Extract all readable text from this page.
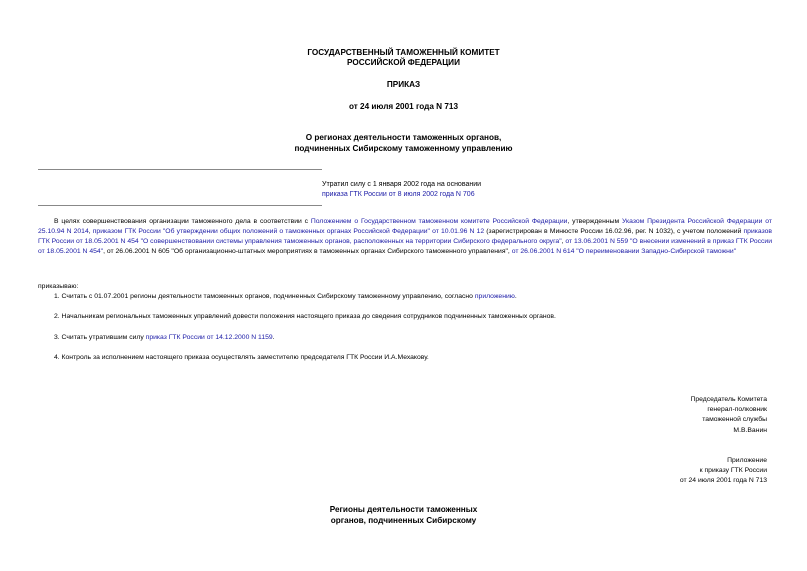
ГОСУДАРСТВЕННЫЙ ТАМОЖЕННЫЙ КОМИТЕТ
РОССИЙСКОЙ ФЕДЕРАЦИИ
ПРИКАЗ
от 24 июля 2001 года N 713
О регионах деятельности таможенных органов,
подчиненных Сибирскому таможенному управлению
Утратил силу с 1 января 2002 года на основании
приказа ГТК России от 8 июля 2002 года N 706
В целях совершенствования организации таможенного дела в соответствии с Положением о Государственном таможенном комитете Российской Федерации, утвержденным Указом Президента Российской Федерации от 25.10.94 N 2014, приказом ГТК России "Об утверждении общих положений о таможенных органах Российской Федерации" от 10.01.96 N 12 (зарегистрирован в Минюсте России 16.02.96, рег. N 1032), с учетом положений приказов ГТК России от 18.05.2001 N 454 "О совершенствовании системы управления таможенных органов, расположенных на территории Сибирского федерального округа", от 13.06.2001 N 559 "О внесении изменений в приказ ГТК России от 18.05.2001 N 454", от 26.06.2001 N 605 "Об организационно-штатных мероприятиях в таможенных органах Сибирского таможенного управления", от 26.06.2001 N 614 "О переименовании Западно-Сибирской таможни"
приказываю:
1. Считать с 01.07.2001 регионы деятельности таможенных органов, подчиненных Сибирскому таможенному управлению, согласно приложению.
2. Начальникам региональных таможенных управлений довести положения настоящего приказа до сведения сотрудников подчиненных таможенных органов.
3. Считать утратившим силу приказ ГТК России от 14.12.2000 N 1159.
4. Контроль за исполнением настоящего приказа осуществлять заместителю председателя ГТК России И.А.Мехакову.
Председатель Комитета
генерал-полковник
таможенной службы
М.В.Ванин
Приложение
к приказу ГТК России
от 24 июля 2001 года N 713
Регионы деятельности таможенных
органов, подчиненных Сибирскому
